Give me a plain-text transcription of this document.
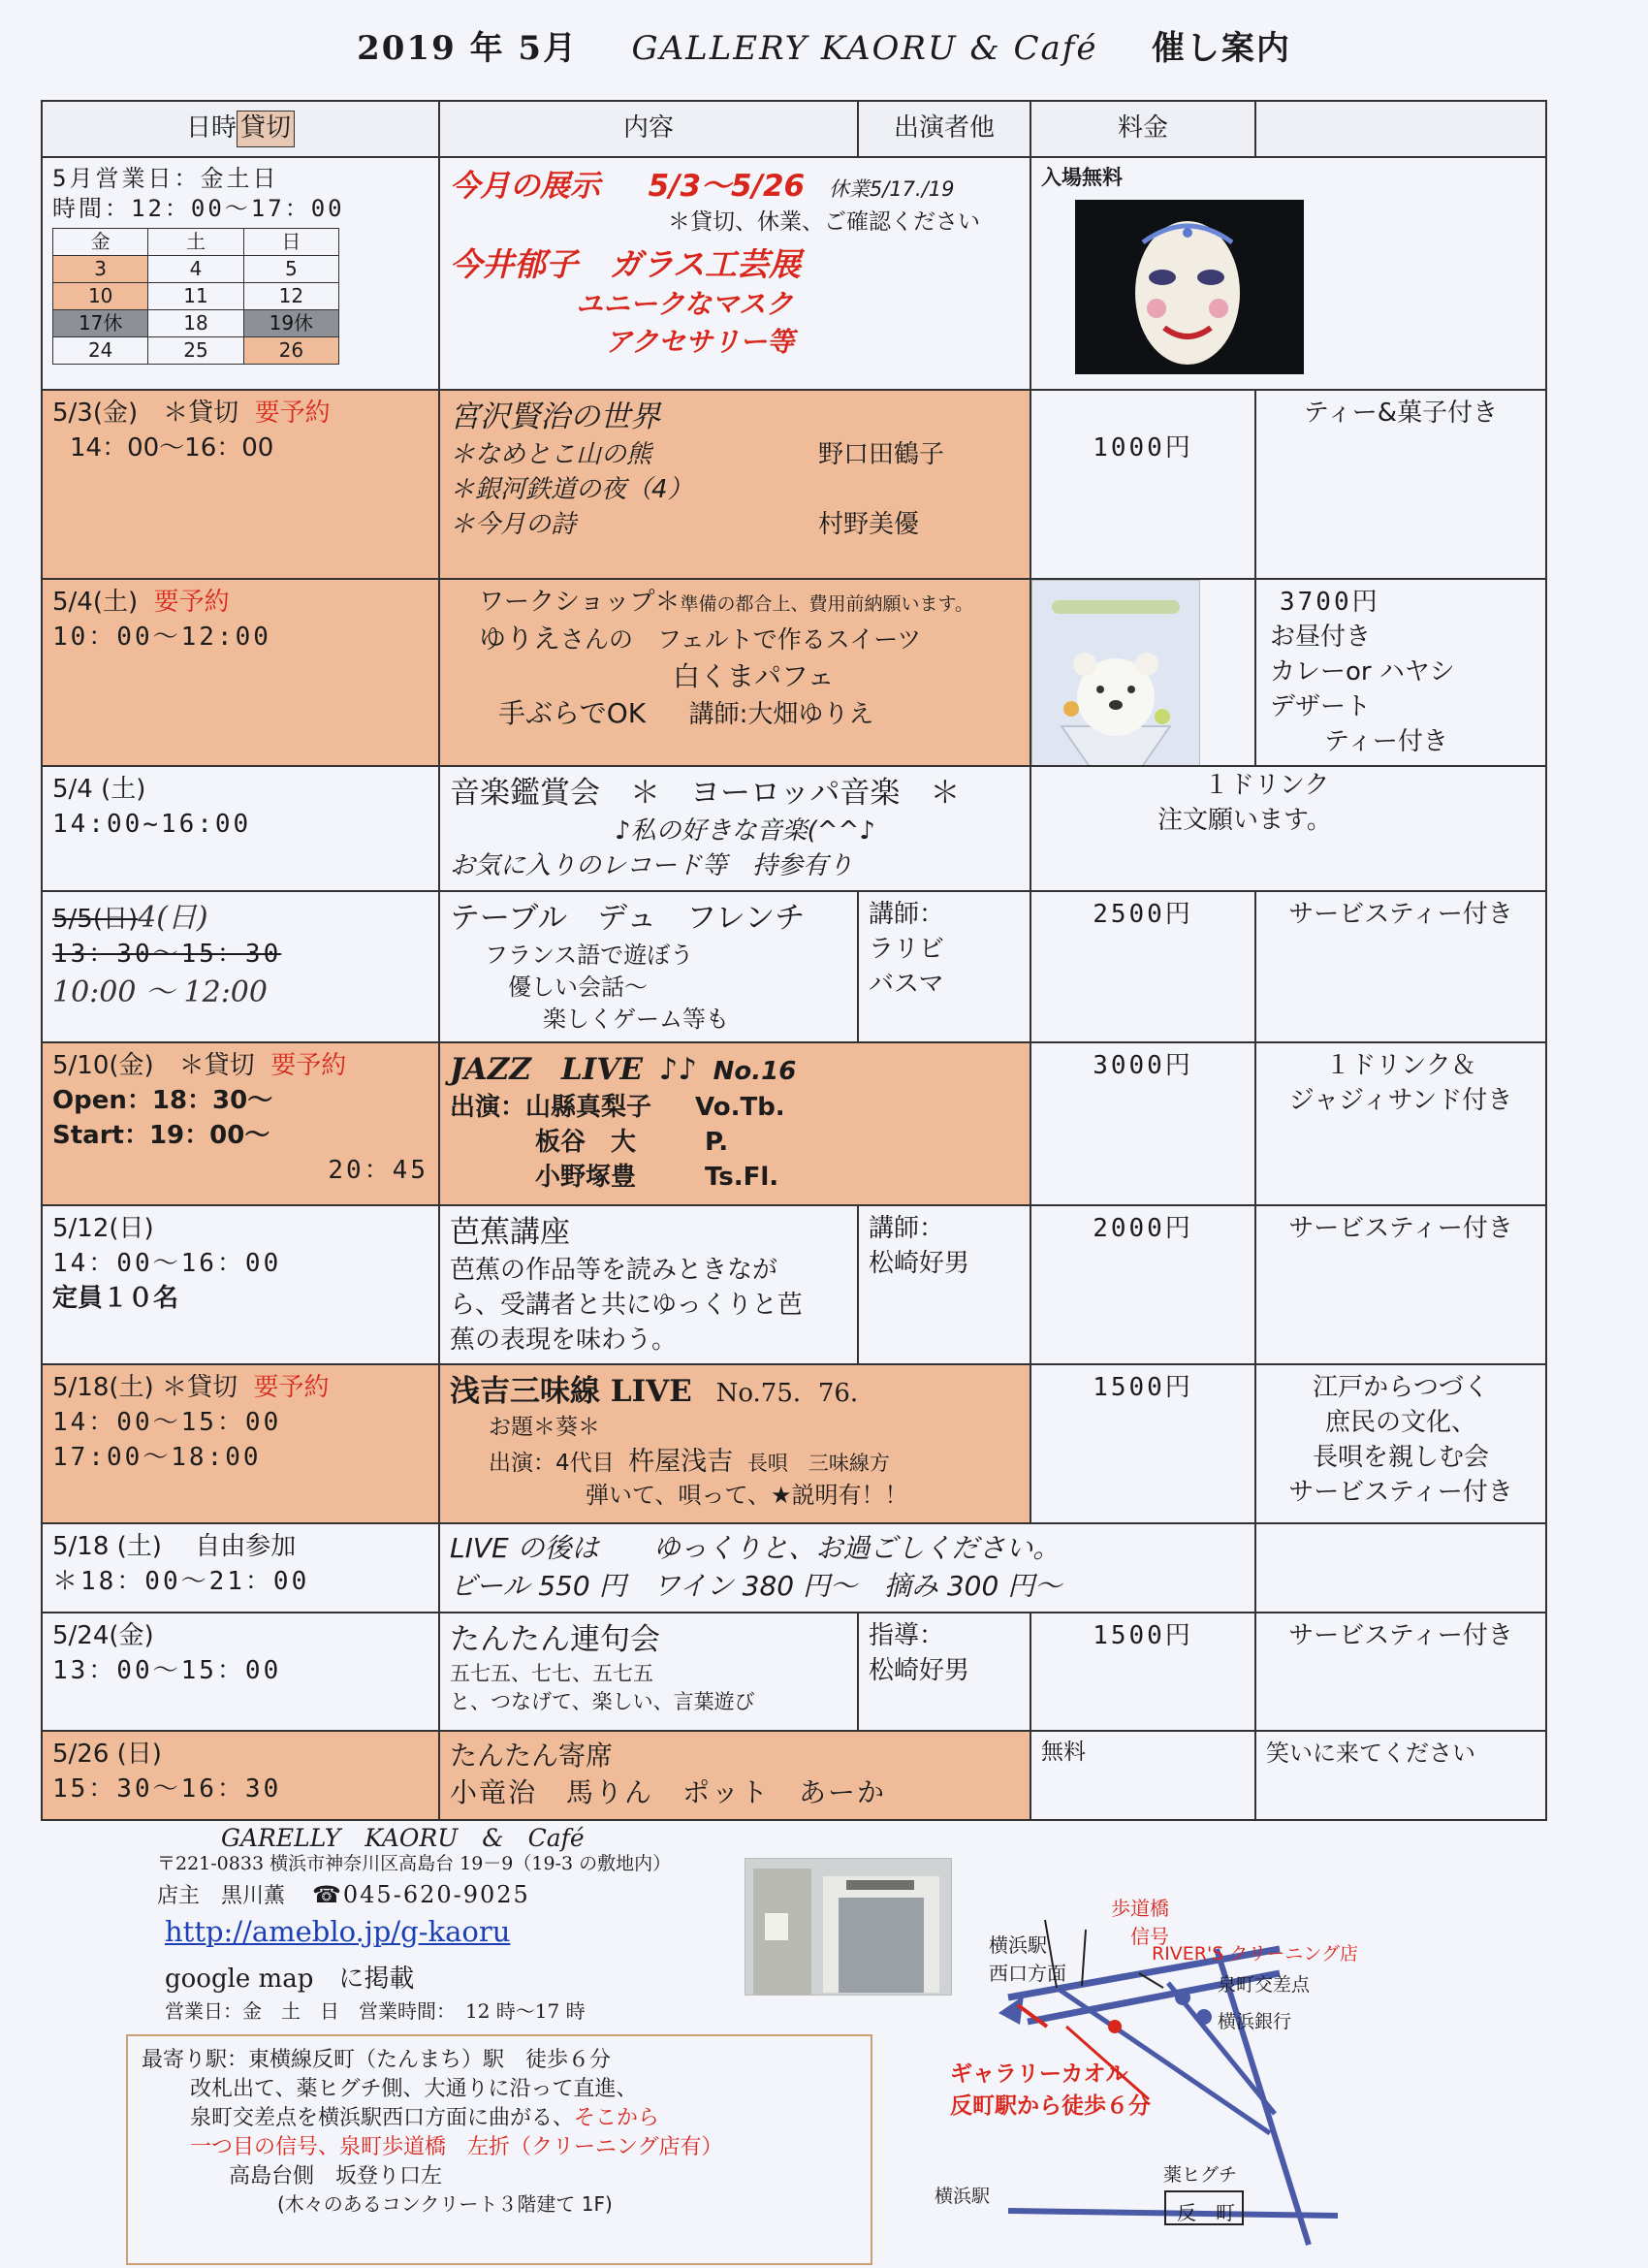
2019 年 5月 GALLERY KAORU & Café 催し案内
日時 貸切	内容	出演者他	料金	

5月営業日：金土日
時間：12：00～17：00
金	土	日
3	4	5
10	11	12
17休	18	19休
24	25	26

今月の展示 5/3～5/26 休業5/17./19
＊貸切、休業、ご確認ください
今井郁子　ガラス工芸展
ユニークなマスク
アクセサリー等

入場無料

5/3(金)　＊貸切 要予約
14：00～16：00

宮沢賢治の世界
＊なめとこ山の熊	野口田鶴子
＊銀河鉄道の夜（4）
＊今月の詩	村野美優

1000円
	ティー&菓子付き

5/4(土) 要予約
10：00～12:00

ワークショップ＊準備の都合上、費用前納願います。
ゆりえさんの　フェルトで作るスイーツ
白くまパフェ
手ぶらでOK 講師:大畑ゆりえ

3700円
お昼付き
カレーor ハヤシ
デザート
ティー付き

5/4 (土)
14:00~16:00

音楽鑑賞会　＊　ヨーロッパ音楽　＊
♪私の好きな音楽(^^♪
お気に入りのレコード等　持参有り

１ドリンク
注文願います。

5/5(日)4(日)
13：30～15：30
10:00 ～ 12:00

テーブル　デュ　フレンチ
フランス語で遊ぼう
優しい会話～
楽しくゲーム等も

講師：
ラリビ
バスマ
	2500円	サービスティー付き

5/10(金)　＊貸切 要予約
Open：18：30～
Start：19：00～
20：45

JAZZ　LIVE ♪♪ No.16
出演：山縣真梨子 Vo.Tb.
板谷　大	P.
小野塚豊	Ts.Fl.
	3000円	１ドリンク＆
ジャジィサンド付き

5/12(日)
14：00～16：00
定員１０名

芭蕉講座
芭蕉の作品等を読みときなが
ら、受講者と共にゆっくりと芭
蕉の表現を味わう。

講師：
松崎好男
	2000円	サービスティー付き

5/18(土) ＊貸切 要予約
14：00～15：00
17:00～18:00

浅吉三味線 LIVE No.75．76．
お題＊葵＊
出演：4代目 杵屋浅吉 長唄　三味線方
弾いて、唄って、★説明有！！
	1500円	江戸からつづく
庶民の文化、
長唄を親しむ会
サービスティー付き

5/18 (土)　 自由参加
＊18：00～21：00

LIVE の後は　　ゆっくりと、お過ごしください。
ビール 550 円　ワイン 380 円～　摘み 300 円～

5/24(金)
13：00～15：00

たんたん連句会
五七五、七七、五七五
と、つなげて、楽しい、言葉遊び

指導：
松崎好男
	1500円	サービスティー付き

5/26 (日)
15：30～16：30

たんたん寄席
小竜治　馬りん　ポット　あーか
	無料	笑いに来てください
GARELLY　KAORU　&　Café
〒221-0833 横浜市神奈川区高島台 19－9（19-3 の敷地内）
店主　黒川薫 ☎045-620-9025
http://ameblo.jp/g-kaoru
google map　に掲載
営業日：金　土　日　営業時間：　12 時～17 時
最寄り駅：東横線反町（たんまち）駅　徒歩６分
改札出て、薬ヒグチ側、大通りに沿って直進、
泉町交差点を横浜駅西口方面に曲がる、そこから
一つ目の信号、泉町歩道橋　左折（クリーニング店有）
高島台側　坂登り口左
(木々のあるコンクリート３階建て 1F)
歩道橋
信号
RIVER'S クリーニング店
横浜駅
西口方面	泉町交差点
横浜銀行
ギャラリーカオル
反町駅から徒歩６分
薬ヒグチ
横浜駅
反　町
